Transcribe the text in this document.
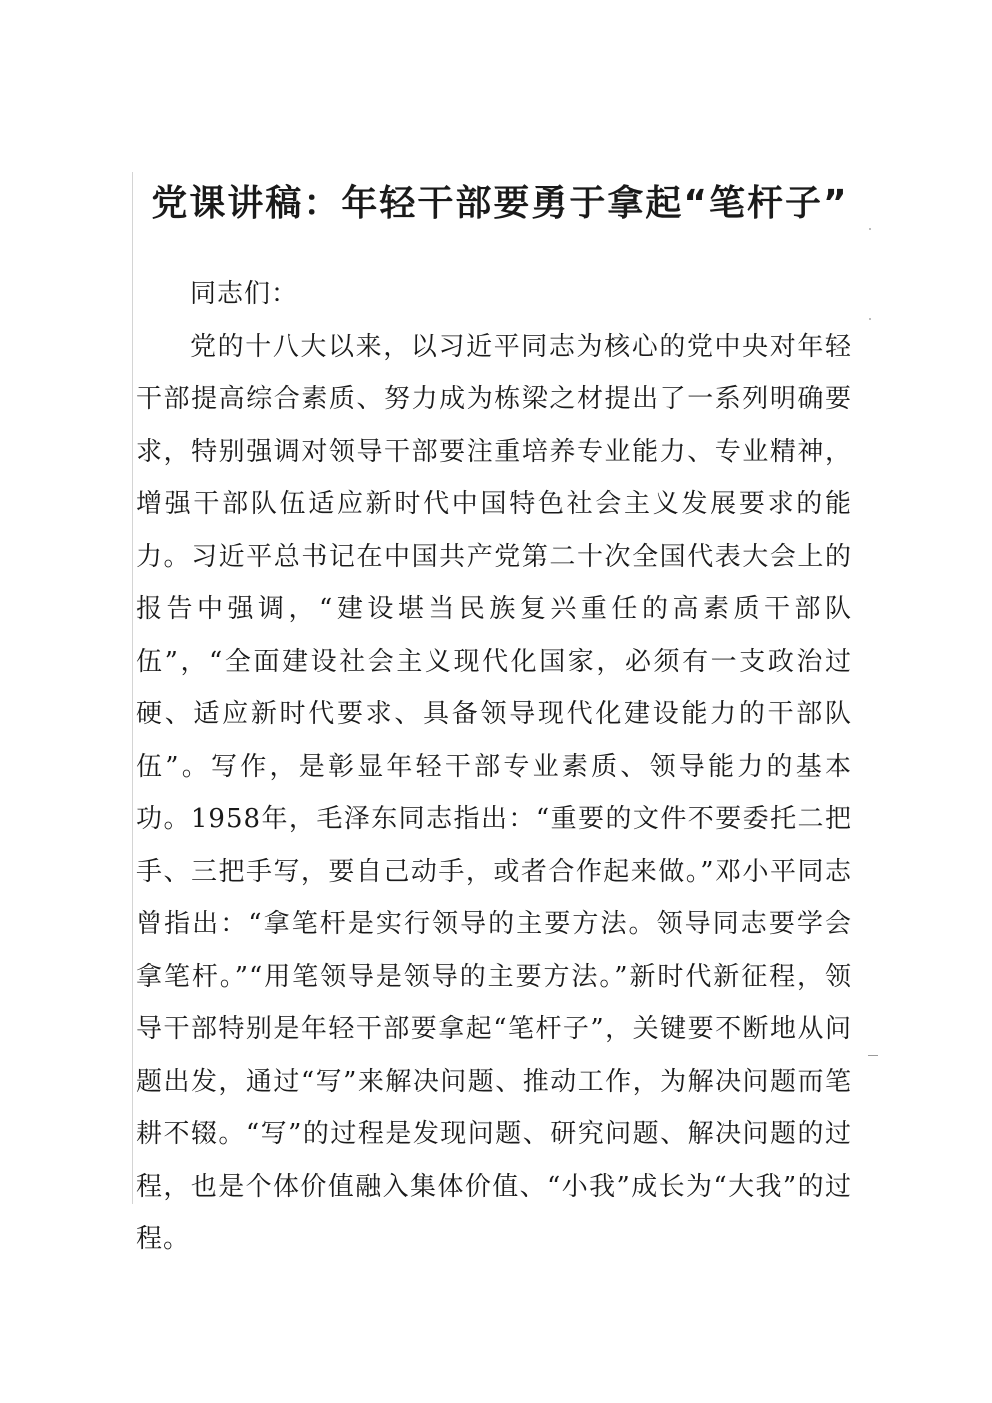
党课讲稿：年轻干部要勇于拿起“笔杆子”

同志们：

党的十八大以来，以习近平同志为核心的党中央对年轻干部提高综合素质、努力成为栋梁之材提出了一系列明确要求，特别强调对领导干部要注重培养专业能力、专业精神，增强干部队伍适应新时代中国特色社会主义发展要求的能力。习近平总书记在中国共产党第二十次全国代表大会上的报告中强调，“建设堪当民族复兴重任的高素质干部队伍”，“全面建设社会主义现代化国家，必须有一支政治过硬、适应新时代要求、具备领导现代化建设能力的干部队伍”。写作，是彰显年轻干部专业素质、领导能力的基本功。1958年，毛泽东同志指出：“重要的文件不要委托二把手、三把手写，要自己动手，或者合作起来做。”邓小平同志曾指出：“拿笔杆是实行领导的主要方法。领导同志要学会拿笔杆。”“用笔领导是领导的主要方法。”新时代新征程，领导干部特别是年轻干部要拿起“笔杆子”，关键要不断地从问题出发，通过“写”来解决问题、推动工作，为解决问题而笔耕不辍。“写”的过程是发现问题、研究问题、解决问题的过程，也是个体价值融入集体价值、“小我”成长为“大我”的过程。
